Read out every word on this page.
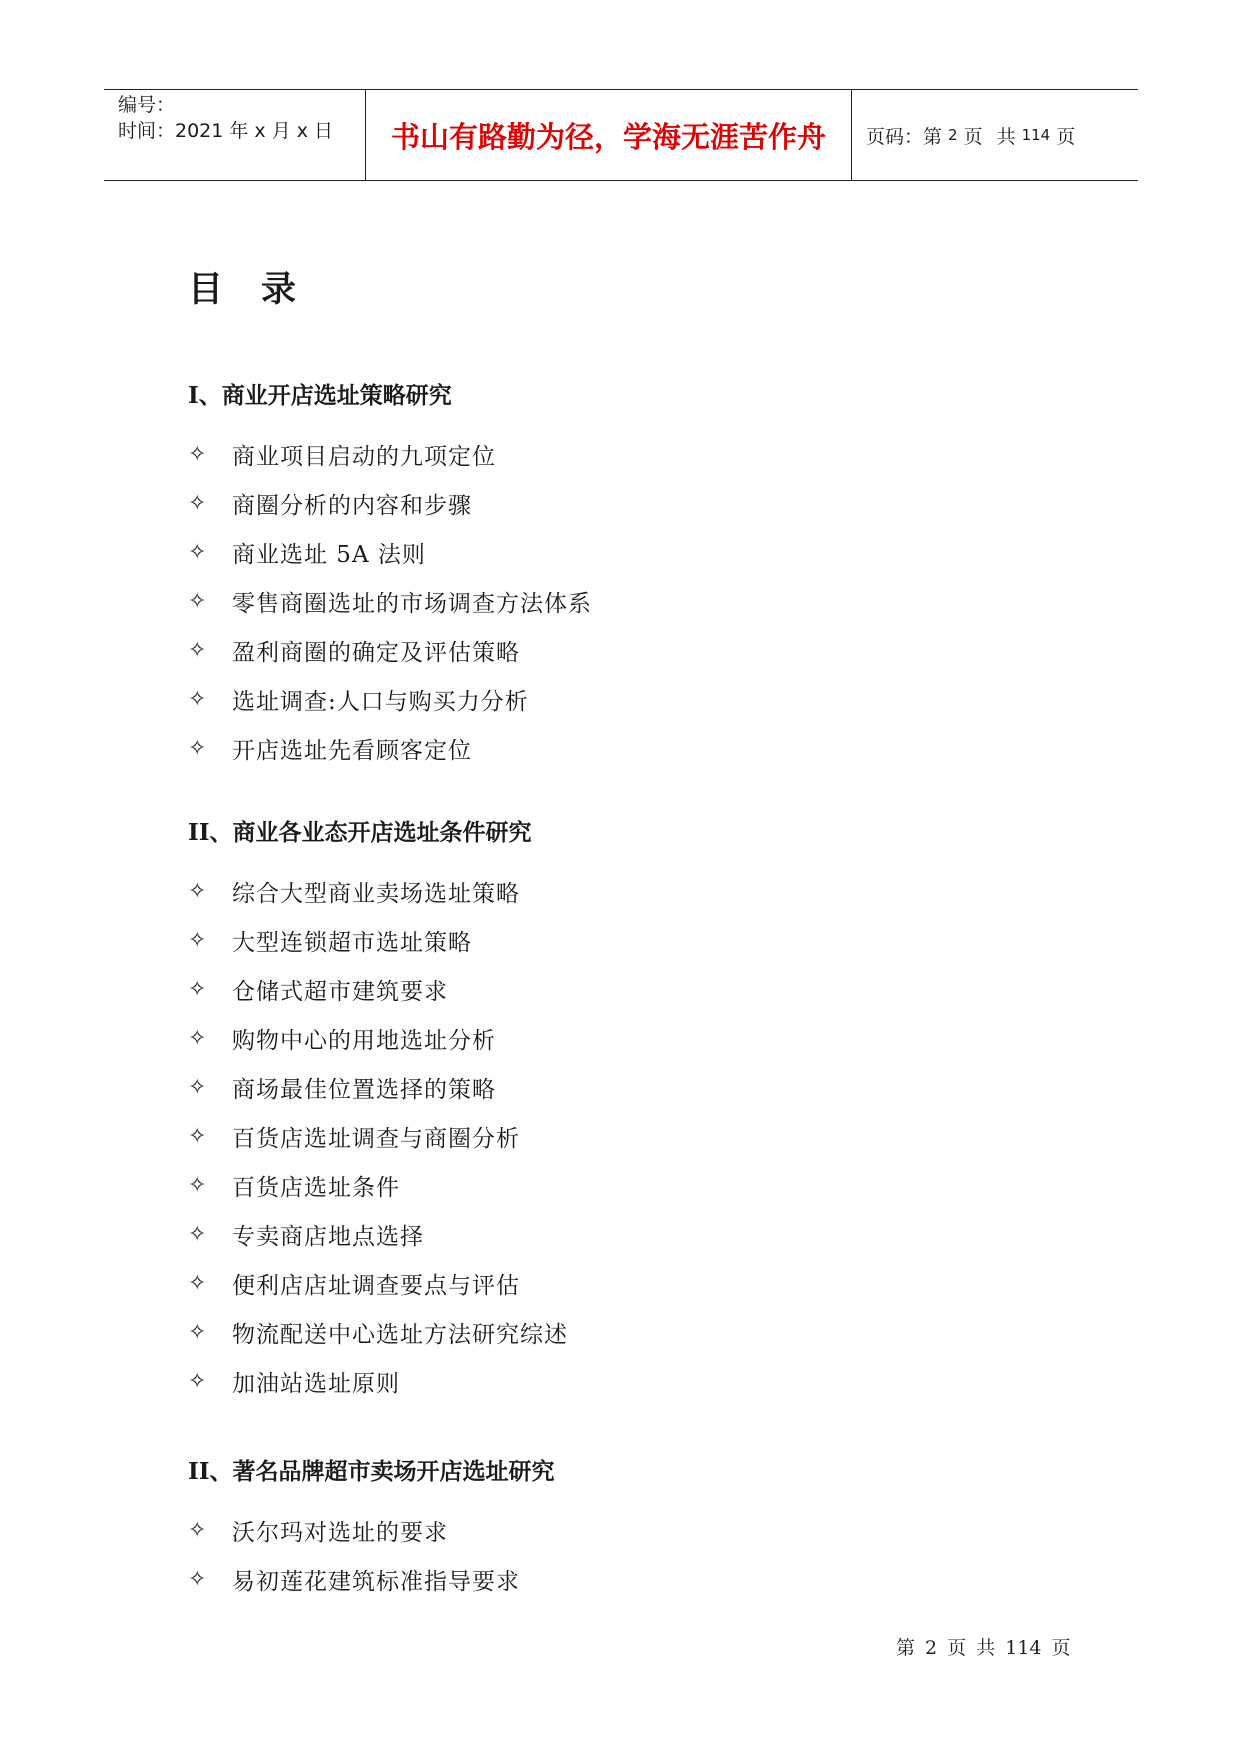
编号：
时间：2021 年 x 月 x 日	书山有路勤为径，学海无涯苦作舟 页码：第 2 页 共 114 页
目录
I、商业开店选址策略研究
✧	商业项目启动的九项定位
✧	商圈分析的内容和步骤
✧	商业选址 5A 法则
✧	零售商圈选址的市场调查方法体系
✧	盈利商圈的确定及评估策略
✧	选址调查:人口与购买力分析
✧	开店选址先看顾客定位
II、商业各业态开店选址条件研究
✧	综合大型商业卖场选址策略
✧	大型连锁超市选址策略
✧	仓储式超市建筑要求
✧	购物中心的用地选址分析
✧	商场最佳位置选择的策略
✧	百货店选址调查与商圈分析
✧	百货店选址条件
✧	专卖商店地点选择
✧	便利店店址调查要点与评估
✧	物流配送中心选址方法研究综述
✧	加油站选址原则
II、著名品牌超市卖场开店选址研究
✧	沃尔玛对选址的要求
✧	易初莲花建筑标准指导要求
第 2 页 共 114 页
